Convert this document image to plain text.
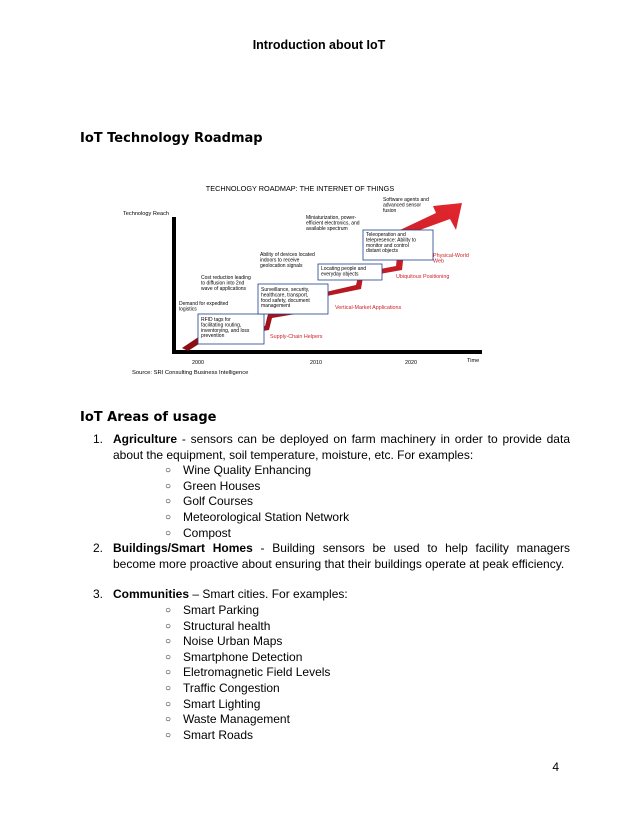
Introduction about IoT
IoT Technology Roadmap
TECHNOLOGY ROADMAP: THE INTERNET OF THINGS
Technology Reach
Time
2000	2010	2020
Source: SRI Consulting Business Intelligence
RFID tags for facilitating routing, inventorying, and loss prevention
Demand for expedited logistics
Supply-Chain Helpers
Surveillance, security, healthcare, transport, food safety, document management
Cost reduction leading to diffusion into 2nd wave of applications
Vertical-Market Applications
Locating people and everyday objects
Ability of devices located indoors to receive geolocation signals
Ubiquitous Positioning
Teleoperation and telepresence: Ability to monitor and control distant objects
Miniaturization, power-efficient electronics, and available spectrum
Physical-World Web
Software agents and advanced sensor fusion
IoT Areas of usage
1. Agriculture - sensors can be deployed on farm machinery in order to provide data about the equipment, soil temperature, moisture, etc. For examples:
○ Wine Quality Enhancing
○ Green Houses
○ Golf Courses
○ Meteorological Station Network
○ Compost
2. Buildings/Smart Homes - Building sensors be used to help facility managers become more proactive about ensuring that their buildings operate at peak efficiency.
3. Communities – Smart cities. For examples:
○ Smart Parking
○ Structural health
○ Noise Urban Maps
○ Smartphone Detection
○ Eletromagnetic Field Levels
○ Traffic Congestion
○ Smart Lighting
○ Waste Management
○ Smart Roads
4
